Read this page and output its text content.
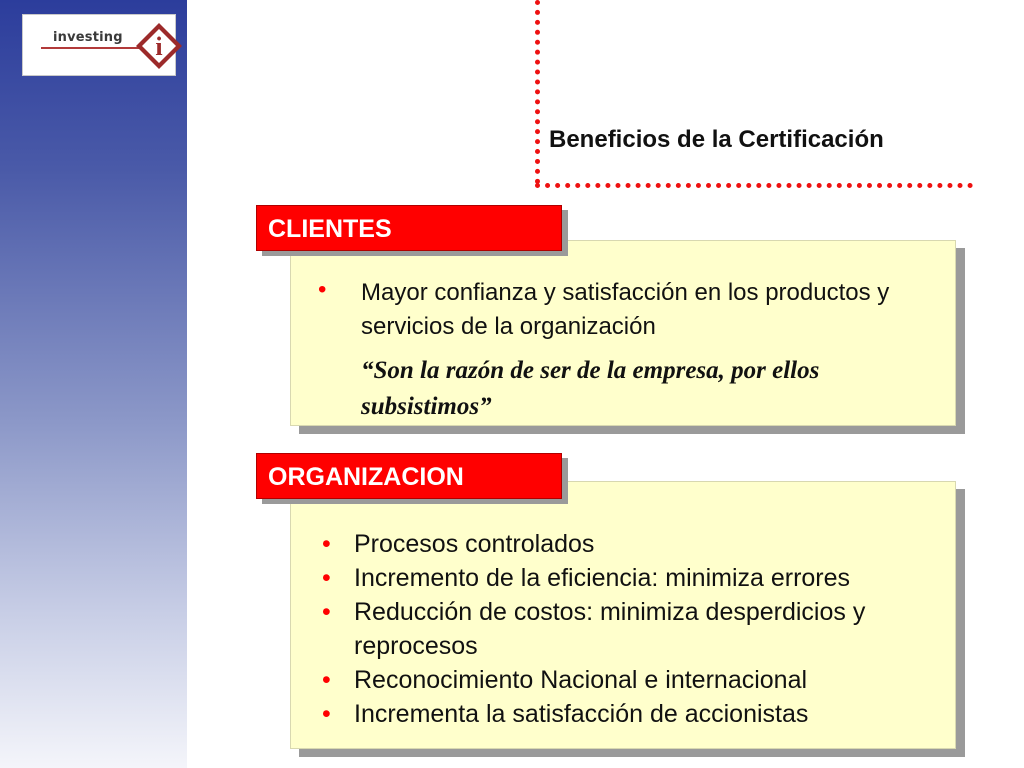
investing i
Beneficios de la Certificación
CLIENTES
• Mayor confianza y satisfacción en los productos y servicios de la organización
“Son la razón de ser de la empresa, por ellos subsistimos”
ORGANIZACION
• Procesos controlados
• Incremento de la eficiencia: minimiza errores
• Reducción de costos: minimiza desperdicios y reprocesos
• Reconocimiento Nacional e internacional
• Incrementa la satisfacción de accionistas
